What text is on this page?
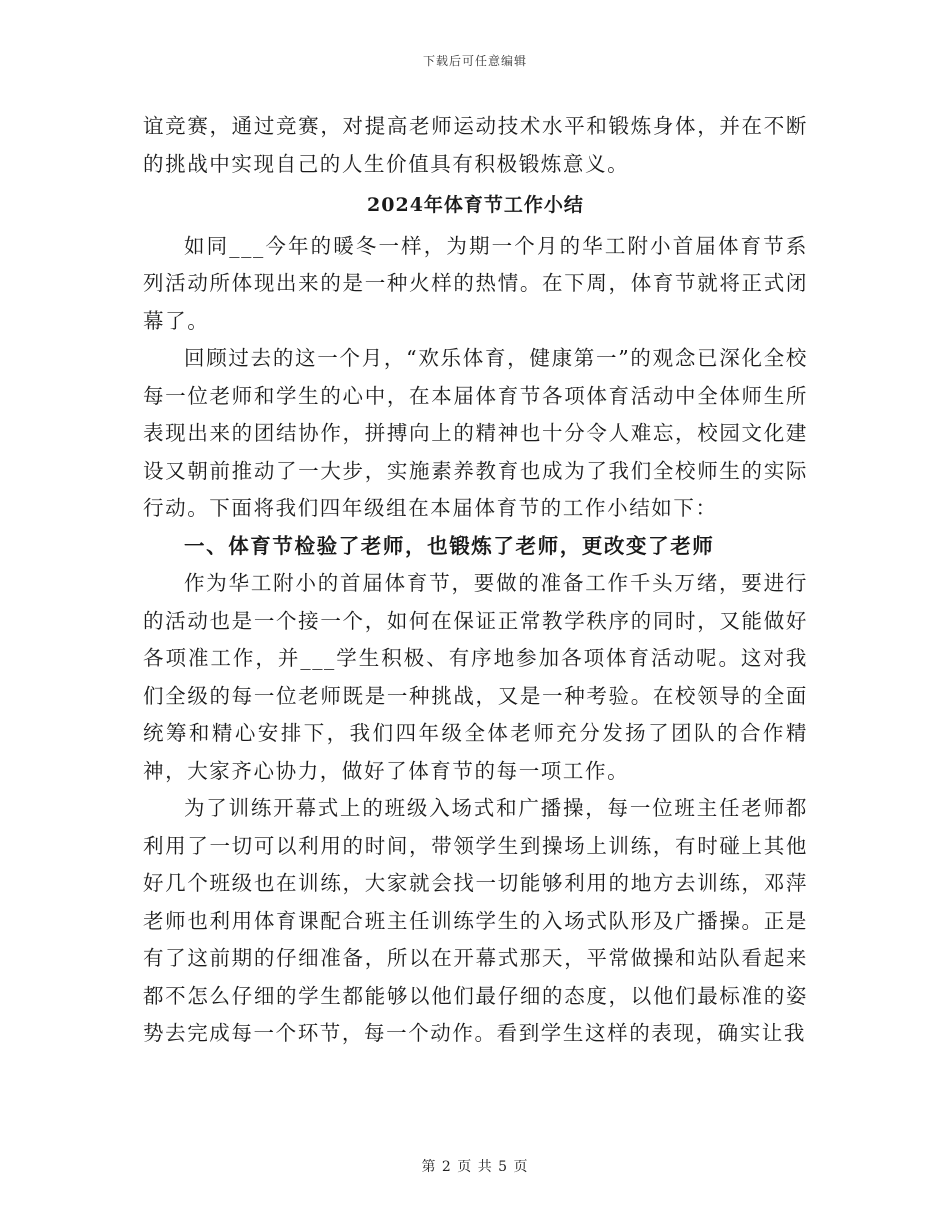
下载后可任意编辑

谊竞赛，通过竞赛，对提高老师运动技术水平和锻炼身体，并在不断的挑战中实现自己的人生价值具有积极锻炼意义。

2024年体育节工作小结

如同___今年的暖冬一样，为期一个月的华工附小首届体育节系列活动所体现出来的是一种火样的热情。在下周，体育节就将正式闭幕了。

回顾过去的这一个月，“欢乐体育，健康第一”的观念已深化全校每一位老师和学生的心中，在本届体育节各项体育活动中全体师生所表现出来的团结协作，拼搏向上的精神也十分令人难忘，校园文化建设又朝前推动了一大步，实施素养教育也成为了我们全校师生的实际行动。下面将我们四年级组在本届体育节的工作小结如下：

一、体育节检验了老师，也锻炼了老师，更改变了老师

作为华工附小的首届体育节，要做的准备工作千头万绪，要进行的活动也是一个接一个，如何在保证正常教学秩序的同时，又能做好各项准工作，并___学生积极、有序地参加各项体育活动呢。这对我们全级的每一位老师既是一种挑战，又是一种考验。在校领导的全面统筹和精心安排下，我们四年级全体老师充分发扬了团队的合作精神，大家齐心协力，做好了体育节的每一项工作。

为了训练开幕式上的班级入场式和广播操，每一位班主任老师都利用了一切可以利用的时间，带领学生到操场上训练，有时碰上其他好几个班级也在训练，大家就会找一切能够利用的地方去训练，邓萍老师也利用体育课配合班主任训练学生的入场式队形及广播操。正是有了这前期的仔细准备，所以在开幕式那天，平常做操和站队看起来都不怎么仔细的学生都能够以他们最仔细的态度，以他们最标准的姿势去完成每一个环节，每一个动作。看到学生这样的表现，确实让我

第 2 页 共 5 页
